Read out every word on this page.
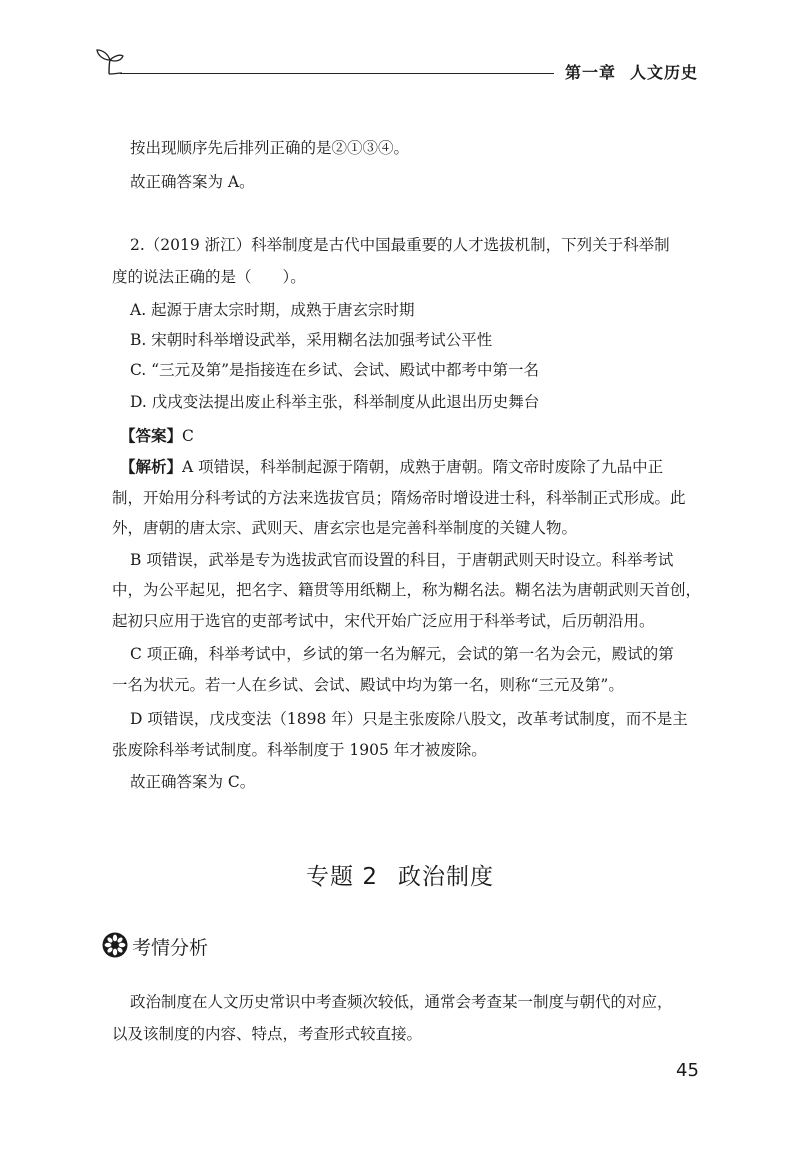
第一章 人文历史
按出现顺序先后排列正确的是②①③④。
故正确答案为 A。
2.（2019 浙江）科举制度是古代中国最重要的人才选拔机制，下列关于科举制
度的说法正确的是（　　）。
A. 起源于唐太宗时期，成熟于唐玄宗时期
B. 宋朝时科举增设武举，采用糊名法加强考试公平性
C. “三元及第”是指接连在乡试、会试、殿试中都考中第一名
D. 戊戌变法提出废止科举主张，科举制度从此退出历史舞台
【答案】C
【解析】A 项错误，科举制起源于隋朝，成熟于唐朝。隋文帝时废除了九品中正
制，开始用分科考试的方法来选拔官员；隋炀帝时增设进士科，科举制正式形成。此
外，唐朝的唐太宗、武则天、唐玄宗也是完善科举制度的关键人物。
B 项错误，武举是专为选拔武官而设置的科目，于唐朝武则天时设立。科举考试
中，为公平起见，把名字、籍贯等用纸糊上，称为糊名法。糊名法为唐朝武则天首创，
起初只应用于选官的吏部考试中，宋代开始广泛应用于科举考试，后历朝沿用。
C 项正确，科举考试中，乡试的第一名为解元，会试的第一名为会元，殿试的第
一名为状元。若一人在乡试、会试、殿试中均为第一名，则称“三元及第”。
D 项错误，戊戌变法（1898 年）只是主张废除八股文，改革考试制度，而不是主
张废除科举考试制度。科举制度于 1905 年才被废除。
故正确答案为 C。
专题 2 政治制度
考情分析
政治制度在人文历史常识中考查频次较低，通常会考查某一制度与朝代的对应，
以及该制度的内容、特点，考查形式较直接。
45
